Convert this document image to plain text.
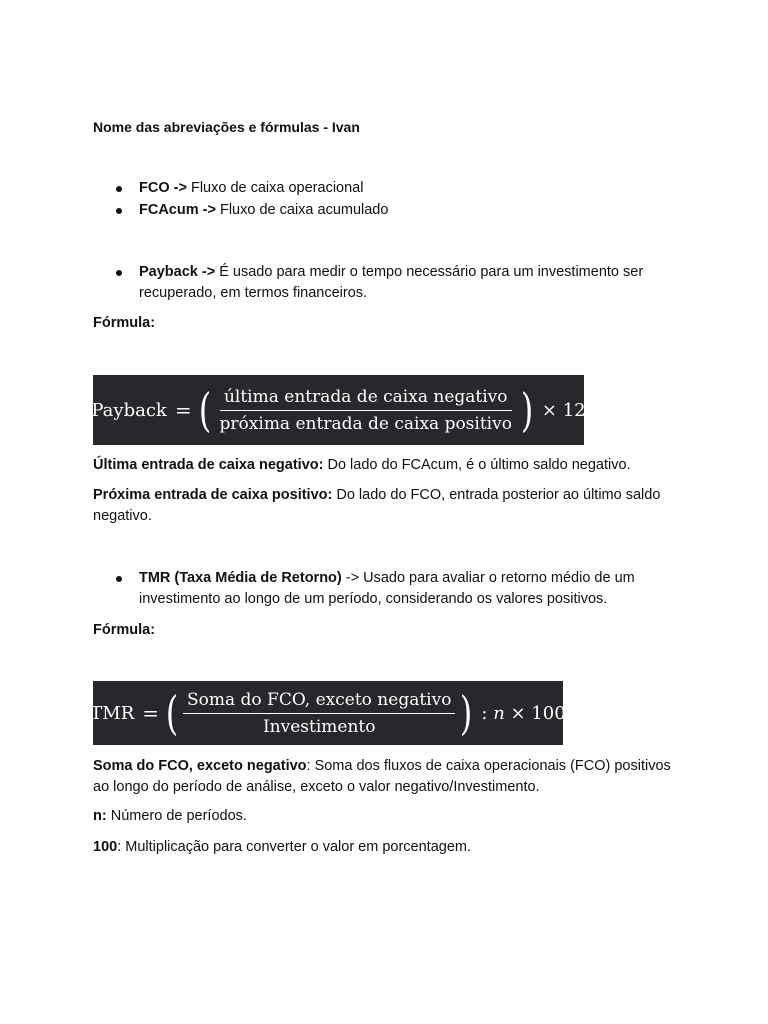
Nome das abreviações e fórmulas - Ivan
FCO -> Fluxo de caixa operacional
FCAcum -> Fluxo de caixa acumulado
Payback -> É usado para medir o tempo necessário para um investimento ser recuperado, em termos financeiros.
Fórmula:
Payback = ( $\frac{\text{última entrada de caixa negativo}}{\text{próxima entrada de caixa positivo}}$ ) × 12
Última entrada de caixa negativo: Do lado do FCAcum, é o último saldo negativo.
Próxima entrada de caixa positivo: Do lado do FCO, entrada posterior ao último saldo negativo.
TMR (Taxa Média de Retorno) -> Usado para avaliar o retorno médio de um investimento ao longo de um período, considerando os valores positivos.
Fórmula:
TMR = ( $\frac{\text{Soma do FCO, exceto negativo}}{\text{Investimento}}$ ) : n × 100
Soma do FCO, exceto negativo: Soma dos fluxos de caixa operacionais (FCO) positivos ao longo do período de análise, exceto o valor negativo/Investimento.
n: Número de períodos.
100: Multiplicação para converter o valor em porcentagem.
